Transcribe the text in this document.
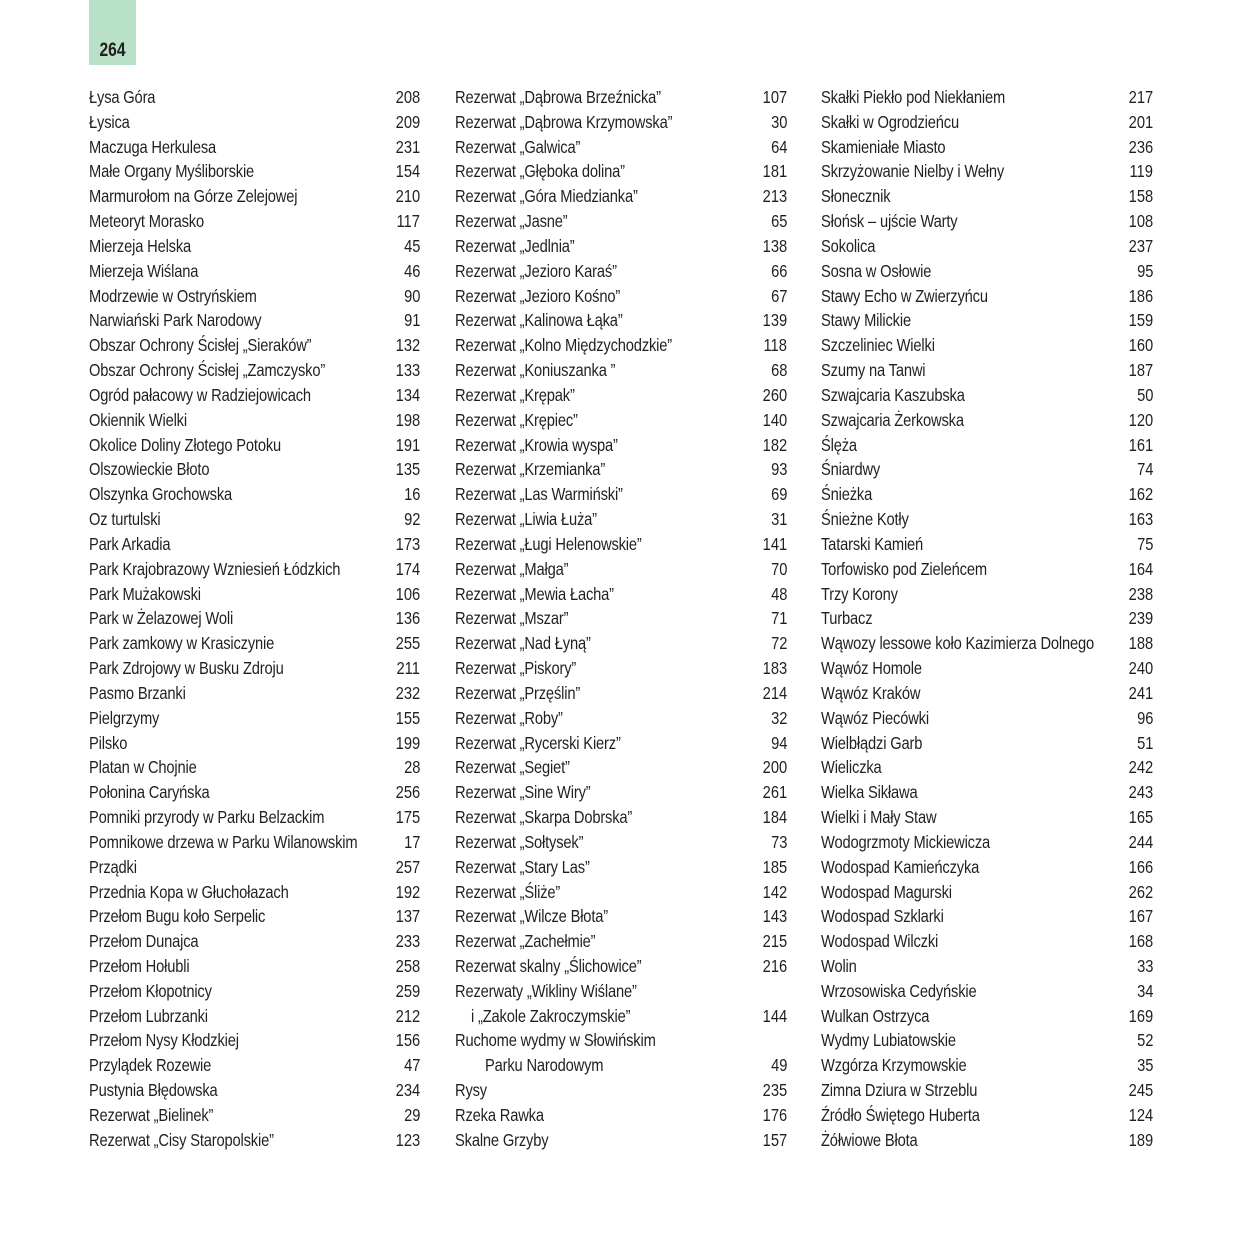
264
Łysa Góra	208
Łysica	209
Maczuga Herkulesa	231
Małe Organy Myśliborskie	154
Marmurołom na Górze Zelejowej	210
Meteoryt Morasko	117
Mierzeja Helska	45
Mierzeja Wiślana	46
Modrzewie w Ostryńskiem	90
Narwiański Park Narodowy	91
Obszar Ochrony Ścisłej „Sieraków”	132
Obszar Ochrony Ścisłej „Zamczysko”	133
Ogród pałacowy w Radziejowicach	134
Okiennik Wielki	198
Okolice Doliny Złotego Potoku	191
Olszowieckie Błoto	135
Olszynka Grochowska	16
Oz turtulski	92
Park Arkadia	173
Park Krajobrazowy Wzniesień Łódzkich	174
Park Mużakowski	106
Park w Żelazowej Woli	136
Park zamkowy w Krasiczynie	255
Park Zdrojowy w Busku Zdroju	211
Pasmo Brzanki	232
Pielgrzymy	155
Pilsko	199
Platan w Chojnie	28
Połonina Caryńska	256
Pomniki przyrody w Parku Belzackim	175
Pomnikowe drzewa w Parku Wilanowskim	17
Prządki	257
Przednia Kopa w Głuchołazach	192
Przełom Bugu koło Serpelic	137
Przełom Dunajca	233
Przełom Hołubli	258
Przełom Kłopotnicy	259
Przełom Lubrzanki	212
Przełom Nysy Kłodzkiej	156
Przylądek Rozewie	47
Pustynia Błędowska	234
Rezerwat „Bielinek”	29
Rezerwat „Cisy Staropolskie”	123
Rezerwat „Dąbrowa Brzeźnicka”	107
Rezerwat „Dąbrowa Krzymowska”	30
Rezerwat „Galwica”	64
Rezerwat „Głęboka dolina”	181
Rezerwat „Góra Miedzianka”	213
Rezerwat „Jasne”	65
Rezerwat „Jedlnia”	138
Rezerwat „Jezioro Karaś”	66
Rezerwat „Jezioro Kośno”	67
Rezerwat „Kalinowa Łąka”	139
Rezerwat „Kolno Międzychodzkie”	118
Rezerwat „Koniuszanka ”	68
Rezerwat „Krępak”	260
Rezerwat „Krępiec”	140
Rezerwat „Krowia wyspa”	182
Rezerwat „Krzemianka”	93
Rezerwat „Las Warmiński”	69
Rezerwat „Liwia Łuża”	31
Rezerwat „Ługi Helenowskie”	141
Rezerwat „Małga”	70
Rezerwat „Mewia Łacha”	48
Rezerwat „Mszar”	71
Rezerwat „Nad Łyną”	72
Rezerwat „Piskory”	183
Rezerwat „Przęślin”	214
Rezerwat „Roby”	32
Rezerwat „Rycerski Kierz”	94
Rezerwat „Segiet”	200
Rezerwat „Sine Wiry”	261
Rezerwat „Skarpa Dobrska”	184
Rezerwat „Sołtysek”	73
Rezerwat „Stary Las”	185
Rezerwat „Śliże”	142
Rezerwat „Wilcze Błota”	143
Rezerwat „Zachełmie”	215
Rezerwat skalny „Ślichowice”	216
Rezerwaty „Wikliny Wiślane”
i „Zakole Zakroczymskie”	144
Ruchome wydmy w Słowińskim
Parku Narodowym	49
Rysy	235
Rzeka Rawka	176
Skalne Grzyby	157
Skałki Piekło pod Niekłaniem	217
Skałki w Ogrodzieńcu	201
Skamieniałe Miasto	236
Skrzyżowanie Nielby i Wełny	119
Słonecznik	158
Słońsk – ujście Warty	108
Sokolica	237
Sosna w Osłowie	95
Stawy Echo w Zwierzyńcu	186
Stawy Milickie	159
Szczeliniec Wielki	160
Szumy na Tanwi	187
Szwajcaria Kaszubska	50
Szwajcaria Żerkowska	120
Ślęża	161
Śniardwy	74
Śnieżka	162
Śnieżne Kotły	163
Tatarski Kamień	75
Torfowisko pod Zieleńcem	164
Trzy Korony	238
Turbacz	239
Wąwozy lessowe koło Kazimierza Dolnego 188
Wąwóz Homole	240
Wąwóz Kraków	241
Wąwóz Piecówki	96
Wielbłądzi Garb	51
Wieliczka	242
Wielka Sikława	243
Wielki i Mały Staw	165
Wodogrzmoty Mickiewicza	244
Wodospad Kamieńczyka	166
Wodospad Magurski	262
Wodospad Szklarki	167
Wodospad Wilczki	168
Wolin	33
Wrzosowiska Cedyńskie	34
Wulkan Ostrzyca	169
Wydmy Lubiatowskie	52
Wzgórza Krzymowskie	35
Zimna Dziura w Strzeblu	245
Źródło Świętego Huberta	124
Żółwiowe Błota	189
